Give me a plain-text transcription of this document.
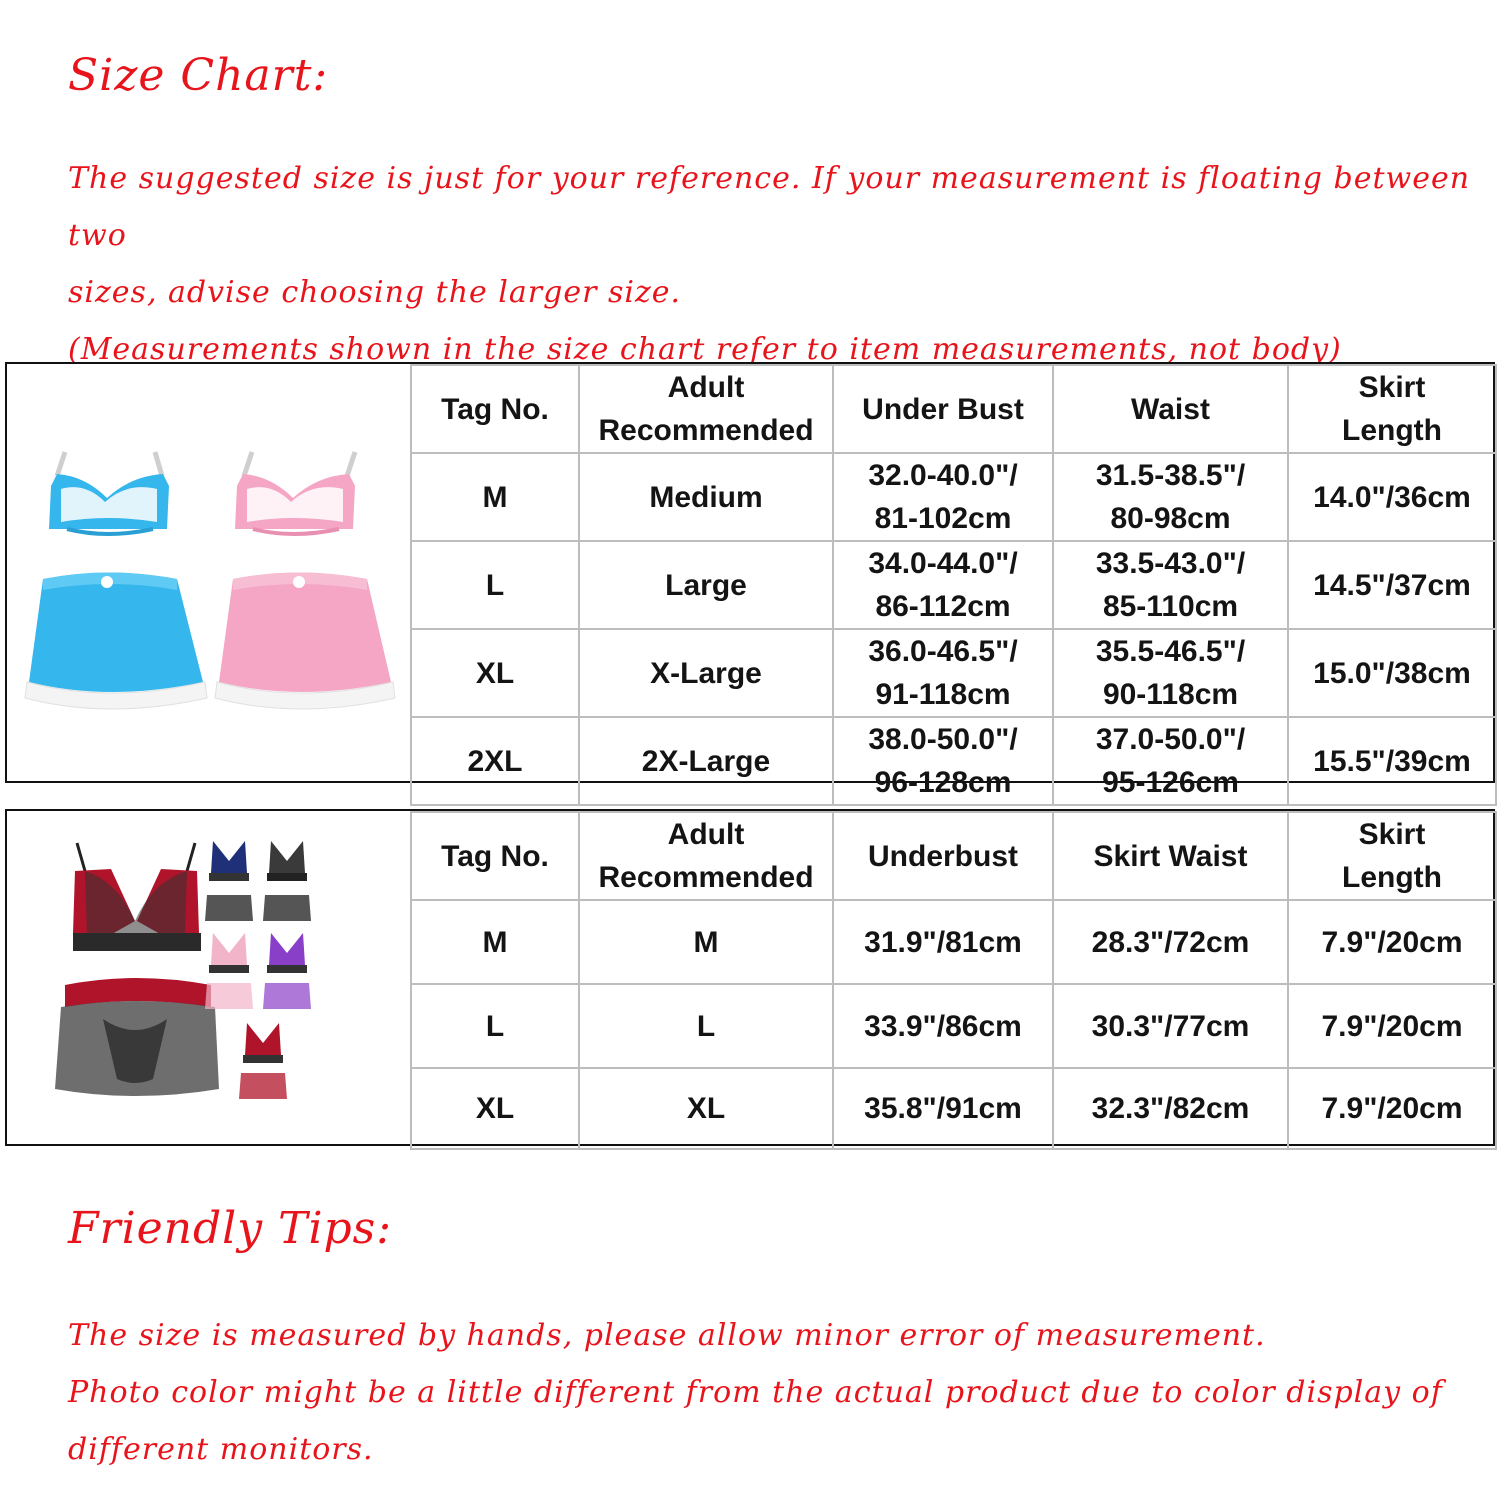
Size Chart:
The suggested size is just for your reference. If your measurement is floating between two
sizes, advise choosing the larger size.
(Measurements shown in the size chart refer to item measurements, not body)
Tag No.	Adult Recommended	Under Bust	Waist	Skirt Length
M	Medium	32.0-40.0"/ 81-102cm	31.5-38.5"/ 80-98cm	14.0"/36cm
L	Large	34.0-44.0"/ 86-112cm	33.5-43.0"/ 85-110cm	14.5"/37cm
XL	X-Large	36.0-46.5"/ 91-118cm	35.5-46.5"/ 90-118cm	15.0"/38cm
2XL	2X-Large	38.0-50.0"/ 96-128cm	37.0-50.0"/ 95-126cm	15.5"/39cm
Tag No.	Adult Recommended	Underbust	Skirt Waist	Skirt Length
M	M	31.9"/81cm	28.3"/72cm	7.9"/20cm
L	L	33.9"/86cm	30.3"/77cm	7.9"/20cm
XL	XL	35.8"/91cm	32.3"/82cm	7.9"/20cm
Friendly Tips:
The size is measured by hands, please allow minor error of measurement.
Photo color might be a little different from the actual product due to color display of
different monitors.
